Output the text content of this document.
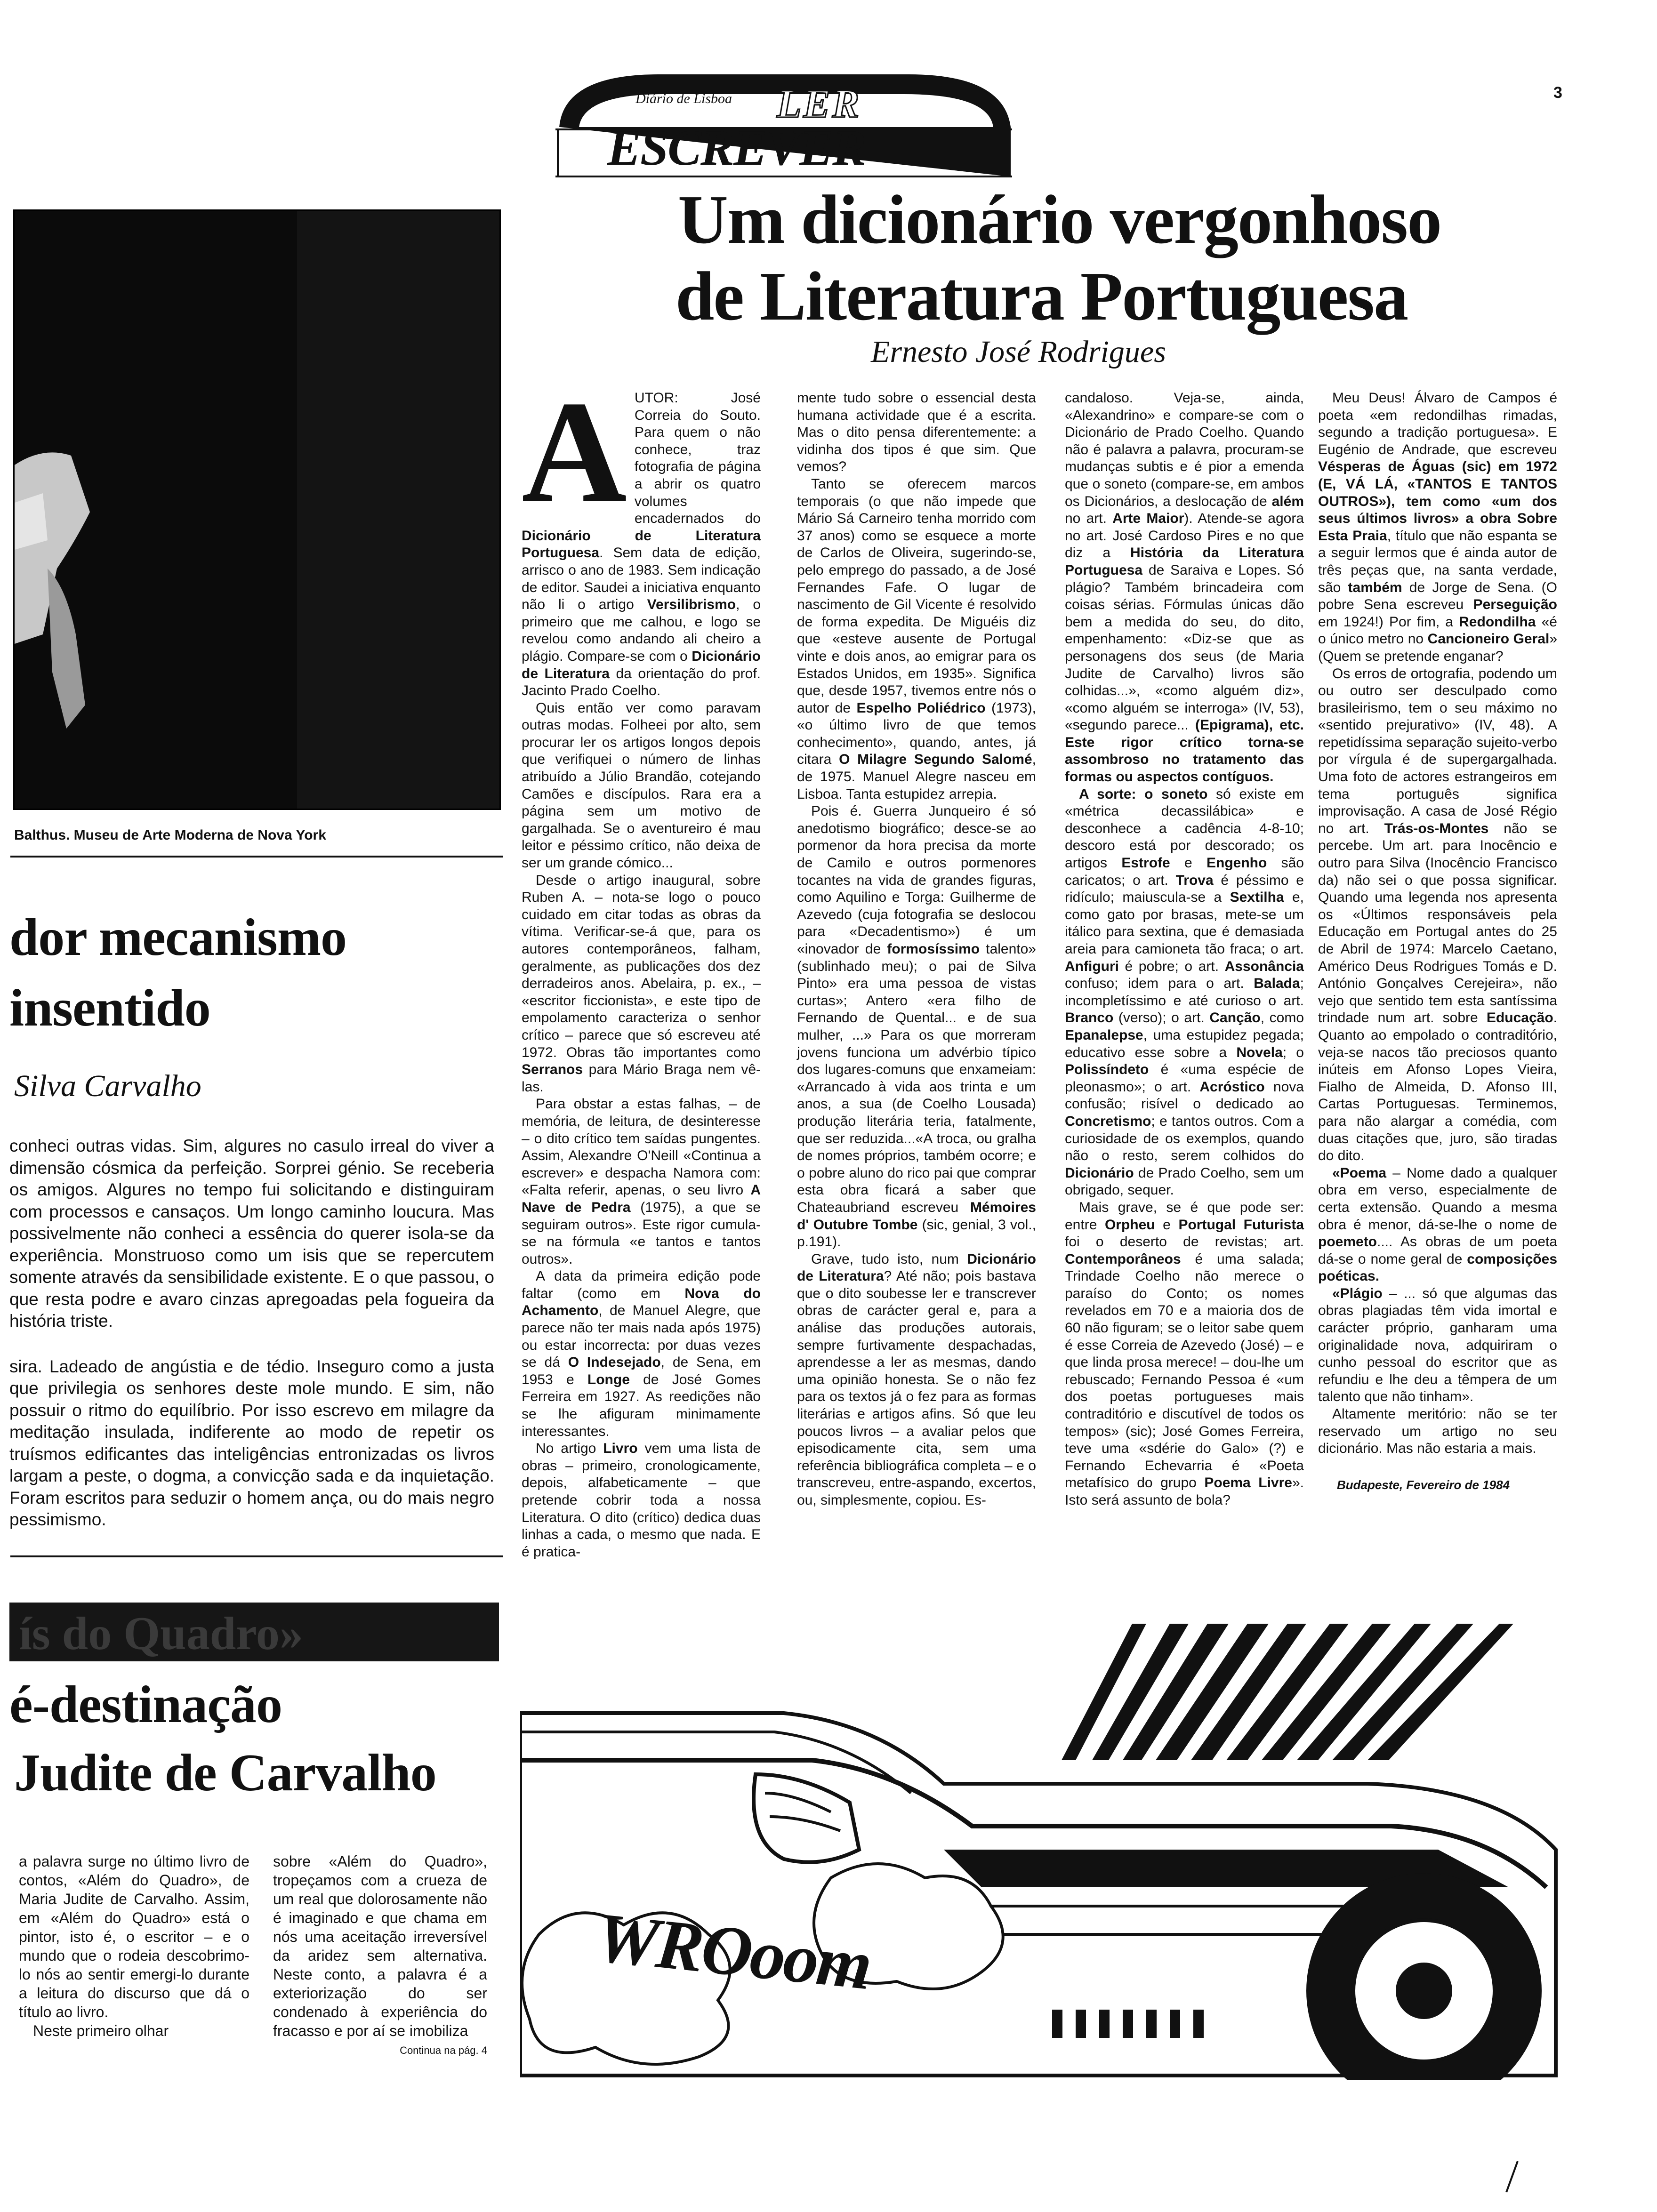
3
Diário de Lisboa LER
ESCREVER
Balthus. Museu de Arte Moderna de Nova York
dor mecanismo
insentido
Silva Carvalho

conheci outras vidas. Sim, algures no casulo irreal do viver a dimensão cósmica da perfeição. Sorprei génio. Se receberia os amigos. Algures no tempo fui solicitando e distinguiram com processos e cansaços. Um longo caminho loucura. Mas possivelmente não conheci a essência do querer isola-se da experiência. Monstruoso como um isis que se repercutem somente através da sensibilidade existente. E o que passou, o que resta podre e avaro cinzas apregoadas pela fogueira da história triste.

sira. Ladeado de angústia e de tédio. Inseguro como a justa que privilegia os senhores deste mole mundo. E sim, não possuir o ritmo do equilíbrio. Por isso escrevo em milagre da meditação insulada, indiferente ao modo de repetir os truísmos edificantes das inteligências entronizadas os livros largam a peste, o dogma, a convicção sada e da inquietação. Foram escritos para seduzir o homem ança, ou do mais negro pessimismo.

ís do Quadro»
é-destinação
Judite de Carvalho

a palavra surge no último livro de contos, «Além do Quadro», de Maria Judite de Carvalho. Assim, em «Além do Quadro» está o pintor, isto é, o escritor – e o mundo que o rodeia descobrimo-lo nós ao sentir emergi-lo durante a leitura do discurso que dá o título ao livro.

Neste primeiro olhar

sobre «Além do Quadro», tropeçamos com a crueza de um real que dolorosamente não é imaginado e que chama em nós uma aceitação irreversível da aridez sem alternativa. Neste conto, a palavra é a exteriorização do ser condenado à experiência do fracasso e por aí se imobiliza

Continua na pág. 4
Um dicionário vergonhoso
de Literatura Portuguesa
Ernesto José Rodrigues
A UTOR: José Correia do Souto. Para quem o não conhece, traz fotografia de página a abrir os quatro volumes encadernados do Dicionário de Literatura Portuguesa. Sem data de edição, arrisco o ano de 1983. Sem indicação de editor. Saudei a iniciativa enquanto não li o artigo Versilibrismo, o primeiro que me calhou, e logo se revelou como andando ali cheiro a plágio. Compare-se com o Dicionário de Literatura da orientação do prof. Jacinto Prado Coelho.

Quis então ver como paravam outras modas. Folheei por alto, sem procurar ler os artigos longos depois que verifiquei o número de linhas atribuído a Júlio Brandão, cotejando Camões e discípulos. Rara era a página sem um motivo de gargalhada. Se o aventureiro é mau leitor e péssimo crítico, não deixa de ser um grande cómico...

Desde o artigo inaugural, sobre Ruben A. – nota-se logo o pouco cuidado em citar todas as obras da vítima. Verificar-se-á que, para os autores contemporâneos, falham, geralmente, as publicações dos dez derradeiros anos. Abelaira, p. ex., – «escritor ficcionista», e este tipo de empolamento caracteriza o senhor crítico – parece que só escreveu até 1972. Obras tão importantes como Serranos para Mário Braga nem vê-las.

Para obstar a estas falhas, – de memória, de leitura, de desinteresse – o dito crítico tem saídas pungentes. Assim, Alexandre O'Neill «Continua a escrever» e despacha Namora com: «Falta referir, apenas, o seu livro A Nave de Pedra (1975), a que se seguiram outros». Este rigor cumula-se na fórmula «e tantos e tantos outros».

A data da primeira edição pode faltar (como em Nova do Achamento, de Manuel Alegre, que parece não ter mais nada após 1975) ou estar incorrecta: por duas vezes se dá O Indesejado, de Sena, em 1953 e Longe de José Gomes Ferreira em 1927. As reedições não se lhe afiguram minimamente interessantes.

No artigo Livro vem uma lista de obras – primeiro, cronologicamente, depois, alfabeticamente – que pretende cobrir toda a nossa Literatura. O dito (crítico) dedica duas linhas a cada, o mesmo que nada. E é pratica-

mente tudo sobre o essencial desta humana actividade que é a escrita. Mas o dito pensa diferentemente: a vidinha dos tipos é que sim. Que vemos?

Tanto se oferecem marcos temporais (o que não impede que Mário Sá Carneiro tenha morrido com 37 anos) como se esquece a morte de Carlos de Oliveira, sugerindo-se, pelo emprego do passado, a de José Fernandes Fafe. O lugar de nascimento de Gil Vicente é resolvido de forma expedita. De Miguéis diz que «esteve ausente de Portugal vinte e dois anos, ao emigrar para os Estados Unidos, em 1935». Significa que, desde 1957, tivemos entre nós o autor de Espelho Poliédrico (1973), «o último livro de que temos conhecimento», quando, antes, já citara O Milagre Segundo Salomé, de 1975. Manuel Alegre nasceu em Lisboa. Tanta estupidez arrepia.

Pois é. Guerra Junqueiro é só anedotismo biográfico; desce-se ao pormenor da hora precisa da morte de Camilo e outros pormenores tocantes na vida de grandes figuras, como Aquilino e Torga: Guilherme de Azevedo (cuja fotografia se deslocou para «Decadentismo») é um «inovador de formosíssimo talento» (sublinhado meu); o pai de Silva Pinto» era uma pessoa de vistas curtas»; Antero «era filho de Fernando de Quental... e de sua mulher, ...» Para os que morreram jovens funciona um advérbio típico dos lugares-comuns que enxameiam: «Arrancado à vida aos trinta e um anos, a sua (de Coelho Lousada) produção literária teria, fatalmente, que ser reduzida...«A troca, ou gralha de nomes próprios, também ocorre; e o pobre aluno do rico pai que comprar esta obra ficará a saber que Chateaubriand escreveu Mémoires d' Outubre Tombe (sic, genial, 3 vol., p.191).

Grave, tudo isto, num Dicionário de Literatura? Até não; pois bastava que o dito soubesse ler e transcrever obras de carácter geral e, para a análise das produções autorais, sempre furtivamente despachadas, aprendesse a ler as mesmas, dando uma opinião honesta. Se o não fez para os textos já o fez para as formas literárias e artigos afins. Só que leu poucos livros – a avaliar pelos que episodicamente cita, sem uma referência bibliográfica completa – e o transcreveu, entre-aspando, excertos, ou, simplesmente, copiou. Es-

candaloso. Veja-se, ainda, «Alexandrino» e compare-se com o Dicionário de Prado Coelho. Quando não é palavra a palavra, procuram-se mudanças subtis e é pior a emenda que o soneto (compare-se, em ambos os Dicionários, a deslocação de além no art. Arte Maior). Atende-se agora no art. José Cardoso Pires e no que diz a História da Literatura Portuguesa de Saraiva e Lopes. Só plágio? Também brincadeira com coisas sérias. Fórmulas únicas dão bem a medida do seu, do dito, empenhamento: «Diz-se que as personagens dos seus (de Maria Judite de Carvalho) livros são colhidas...», «como alguém diz», «como alguém se interroga» (IV, 53), «segundo parece... (Epigrama), etc. Este rigor crítico torna-se assombroso no tratamento das formas ou aspectos contíguos.

A sorte: o soneto só existe em «métrica decassilábica» e desconhece a cadência 4-8-10; descoro está por descorado; os artigos Estrofe e Engenho são caricatos; o art. Trova é péssimo e ridículo; maiuscula-se a Sextilha e, como gato por brasas, mete-se um itálico para sextina, que é demasiada areia para camioneta tão fraca; o art. Anfiguri é pobre; o art. Assonância confuso; idem para o art. Balada; incompletíssimo e até curioso o art. Branco (verso); o art. Canção, como Epanalepse, uma estupidez pegada; educativo esse sobre a Novela; o Polissíndeto é «uma espécie de pleonasmo»; o art. Acróstico nova confusão; risível o dedicado ao Concretismo; e tantos outros. Com a curiosidade de os exemplos, quando não o resto, serem colhidos do Dicionário de Prado Coelho, sem um obrigado, sequer.

Mais grave, se é que pode ser: entre Orpheu e Portugal Futurista foi o deserto de revistas; art. Contemporâneos é uma salada; Trindade Coelho não merece o paraíso do Conto; os nomes revelados em 70 e a maioria dos de 60 não figuram; se o leitor sabe quem é esse Correia de Azevedo (José) – e que linda prosa merece! – dou-lhe um rebuscado; Fernando Pessoa é «um dos poetas portugueses mais contraditório e discutível de todos os tempos» (sic); José Gomes Ferreira, teve uma «sdérie do Galo» (?) e Fernando Echevarria é «Poeta metafísico do grupo Poema Livre». Isto será assunto de bola?

Meu Deus! Álvaro de Campos é poeta «em redondilhas rimadas, segundo a tradição portuguesa». E Eugénio de Andrade, que escreveu Vésperas de Águas (sic) em 1972 (E, VÁ LÁ, «TANTOS E TANTOS OUTROS»), tem como «um dos seus últimos livros» a obra Sobre Esta Praia, título que não espanta se a seguir lermos que é ainda autor de três peças que, na santa verdade, são também de Jorge de Sena. (O pobre Sena escreveu Perseguição em 1924!) Por fim, a Redondilha «é o único metro no Cancioneiro Geral» (Quem se pretende enganar?

Os erros de ortografia, podendo um ou outro ser desculpado como brasileirismo, tem o seu máximo no «sentido prejurativo» (IV, 48). A repetidíssima separação sujeito-verbo por vírgula é de supergargalhada. Uma foto de actores estrangeiros em tema português significa improvisação. A casa de José Régio no art. Trás-os-Montes não se percebe. Um art. para Inocêncio e outro para Silva (Inocêncio Francisco da) não sei o que possa significar. Quando uma legenda nos apresenta os «Últimos responsáveis pela Educação em Portugal antes do 25 de Abril de 1974: Marcelo Caetano, Américo Deus Rodrigues Tomás e D. António Gonçalves Cerejeira», não vejo que sentido tem esta santíssima trindade num art. sobre Educação. Quanto ao empolado o contraditório, veja-se nacos tão preciosos quanto inúteis em Afonso Lopes Vieira, Fialho de Almeida, D. Afonso III, Cartas Portuguesas. Terminemos, para não alargar a comédia, com duas citações que, juro, são tiradas do dito.

«Poema – Nome dado a qualquer obra em verso, especialmente de certa extensão. Quando a mesma obra é menor, dá-se-lhe o nome de poemeto.... As obras de um poeta dá-se o nome geral de composições poéticas.

«Plágio – ... só que algumas das obras plagiadas têm vida imortal e carácter próprio, ganharam uma originalidade nova, adquiriram o cunho pessoal do escritor que as refundiu e lhe deu a têmpera de um talento que não tinham».

Altamente meritório: não se ter reservado um artigo no seu dicionário. Mas não estaria a mais.

Budapeste, Fevereiro de 1984
WROoom
